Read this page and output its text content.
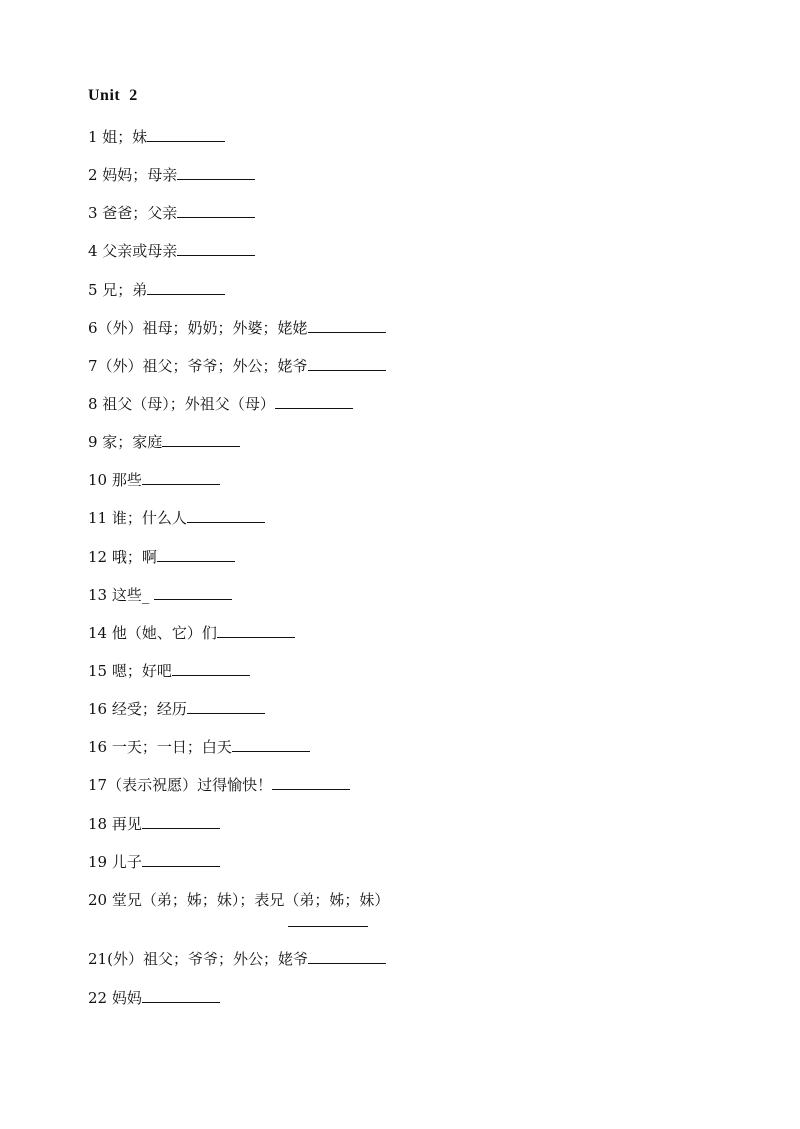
Unit  2
1 姐；妹
2 妈妈；母亲
3 爸爸；父亲
4 父亲或母亲
5 兄；弟
6（外）祖母；奶奶；外婆；姥姥
7（外）祖父；爷爷；外公；姥爷
8 祖父（母）；外祖父（母）
9 家；家庭
10 那些
11 谁；什么人
12 哦；啊
13 这些_
14 他（她、它）们
15 嗯；好吧
16 经受；经历
16 一天；一日；白天
17（表示祝愿）过得愉快！
18 再见
19 儿子
20 堂兄（弟；姊；妹）；表兄（弟；姊；妹）
21(外）祖父；爷爷；外公；姥爷
22 妈妈
